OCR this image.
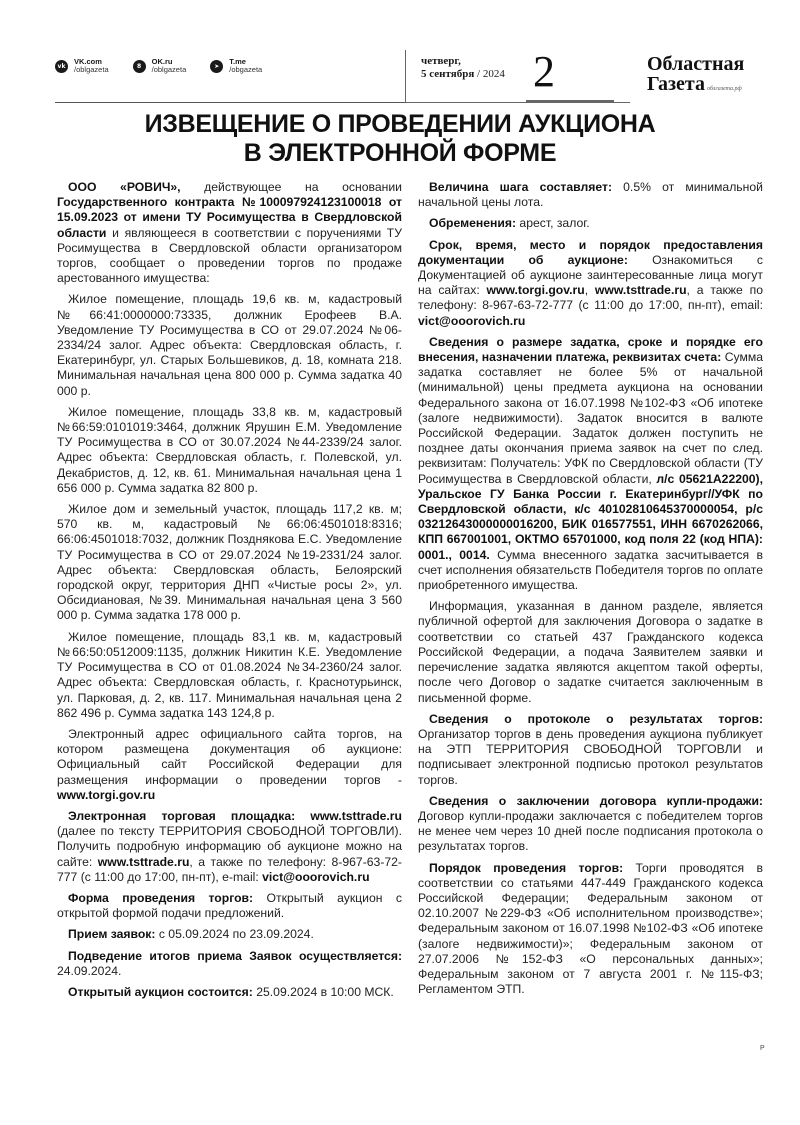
vk	VK.com
/oblgazeta	8	OK.ru
/oblgazeta	➤	T.me
/obgazeta
четверг,
5 сентября / 2024 2	Областная
Газета облгазета.рф
ИЗВЕЩЕНИЕ О ПРОВЕДЕНИИ АУКЦИОНА
В ЭЛЕКТРОННОЙ ФОРМЕ

ООО «РОВИЧ», действующее на основании Государственного контракта №100097924123100018 от 15.09.2023 от имени ТУ Росимущества в Свердловской области и являющееся в соответствии с поручениями ТУ Росимущества в Свердловской области организатором торгов, сообщает о проведении торгов по продаже арестованного имущества:

Жилое помещение, площадь 19,6 кв. м, кадастровый №66:41:0000000:73335, должник Ерофеев В.А. Уведомление ТУ Росимущества в СО от 29.07.2024 №06-2334/24 залог. Адрес объекта: Свердловская область, г. Екатеринбург, ул. Старых Большевиков, д. 18, комната 218. Минимальная начальная цена 800 000 р. Сумма задатка 40 000 р.

Жилое помещение, площадь 33,8 кв. м, кадастровый №66:59:0101019:3464, должник Ярушин Е.М. Уведомление ТУ Росимущества в СО от 30.07.2024 №44-2339/24 залог. Адрес объекта: Свердловская область, г. Полевской, ул. Декабристов, д. 12, кв. 61. Минимальная начальная цена 1 656 000 р. Сумма задатка 82 800 р.

Жилое дом и земельный участок, площадь 117,2 кв. м; 570 кв. м, кадастровый №66:06:4501018:8316; 66:06:4501018:7032, должник Позднякова Е.С. Уведомление ТУ Росимущества в СО от 29.07.2024 №19-2331/24 залог. Адрес объекта: Свердловская область, Белоярский городской округ, территория ДНП «Чистые росы 2», ул. Обсидиановая, №39. Минимальная начальная цена 3 560 000 р. Сумма задатка 178 000 р.

Жилое помещение, площадь 83,1 кв. м, кадастровый №66:50:0512009:1135, должник Никитин К.Е. Уведомление ТУ Росимущества в СО от 01.08.2024 №34-2360/24 залог. Адрес объекта: Свердловская область, г. Краснотурьинск, ул. Парковая, д. 2, кв. 117. Минимальная начальная цена 2 862 496 р. Сумма задатка 143 124,8 р.

Электронный адрес официального сайта торгов, на котором размещена документация об аукционе: Официальный сайт Российской Федерации для размещения информации о проведении торгов - www.torgi.gov.ru

Электронная торговая площадка: www.tsttrade.ru (далее по тексту ТЕРРИТОРИЯ СВОБОДНОЙ ТОРГОВЛИ). Получить подробную информацию об аукционе можно на сайте: www.tsttrade.ru, а также по телефону: 8-967-63-72-777 (с 11:00 до 17:00, пн-пт), e-mail: vict@ooorovich.ru

Форма проведения торгов: Открытый аукцион с открытой формой подачи предложений.

Прием заявок: с 05.09.2024 по 23.09.2024.

Подведение итогов приема Заявок осуществляется: 24.09.2024.

Открытый аукцион состоится: 25.09.2024 в 10:00 МСК.

Величина шага составляет: 0.5% от минимальной начальной цены лота.

Обременения: арест, залог.

Срок, время, место и порядок предоставления документации об аукционе: Ознакомиться с Документацией об аукционе заинтересованные лица могут на сайтах: www.torgi.gov.ru, www.tsttrade.ru, а также по телефону: 8-967-63-72-777 (с 11:00 до 17:00, пн-пт), email: vict@ooorovich.ru

Сведения о размере задатка, сроке и порядке его внесения, назначении платежа, реквизитах счета: Сумма задатка составляет не более 5% от начальной (минимальной) цены предмета аукциона на основании Федерального закона от 16.07.1998 №102-ФЗ «Об ипотеке (залоге недвижимости). Задаток вносится в валюте Российской Федерации. Задаток должен поступить не позднее даты окончания приема заявок на счет по след. реквизитам: Получатель: УФК по Свердловской области (ТУ Росимущества в Свердловской области, л/с 05621А22200), Уральское ГУ Банка России г. Екатеринбург//УФК по Свердловской области, к/с 40102810645370000054, р/с 03212643000000016200, БИК 016577551, ИНН 6670262066, КПП 667001001, ОКТМО 65701000, код поля 22 (код НПА): 0001., 0014. Сумма внесенного задатка засчитывается в счет исполнения обязательств Победителя торгов по оплате приобретенного имущества.

Информация, указанная в данном разделе, является публичной офертой для заключения Договора о задатке в соответствии со статьей 437 Гражданского кодекса Российской Федерации, а подача Заявителем заявки и перечисление задатка являются акцептом такой оферты, после чего Договор о задатке считается заключенным в письменной форме.

Сведения о протоколе о результатах торгов: Организатор торгов в день проведения аукциона публикует на ЭТП ТЕРРИТОРИЯ СВОБОДНОЙ ТОРГОВЛИ и подписывает электронной подписью протокол результатов торгов.

Сведения о заключении договора купли-продажи: Договор купли-продажи заключается с победителем торгов не менее чем через 10 дней после подписания протокола о результатах торгов.

Порядок проведения торгов: Торги проводятся в соответствии со статьями 447-449 Гражданского кодекса Российской Федерации; Федеральным законом от 02.10.2007 №229-ФЗ «Об исполнительном производстве»; Федеральным законом от 16.07.1998 №102-ФЗ «Об ипотеке (залоге недвижимости)»; Федеральным законом от 27.07.2006 №152-ФЗ «О персональных данных»; Федеральным законом от 7 августа 2001 г. №115-ФЗ; Регламентом ЭТП.

Р
